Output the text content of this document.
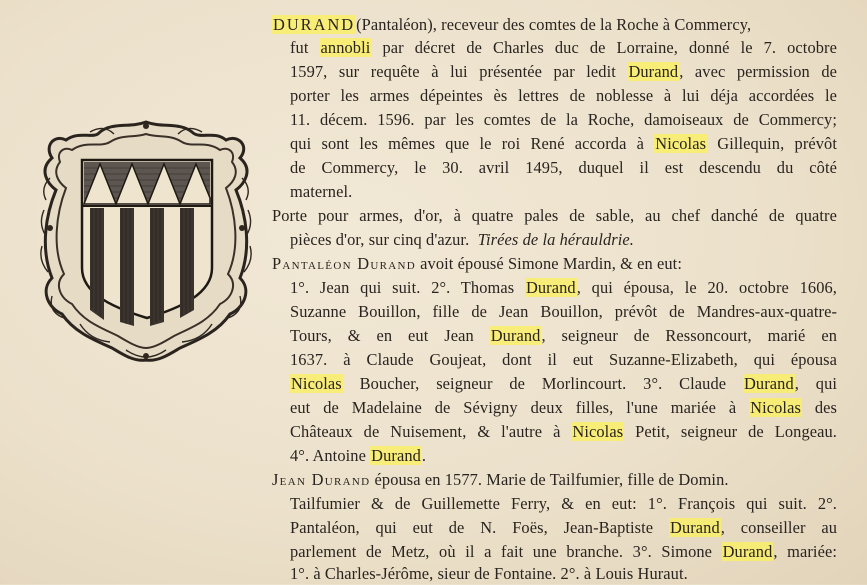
DURAND(Pantaléon), receveur des comtes de la Roche à Commercy,
fut annobli par décret de Charles duc de Lorraine, donné le 7. octobre
1597, sur requête à lui présentée par ledit Durand, avec permission de
porter les armes dépeintes ès lettres de noblesse à lui déja accordées le
11. décem. 1596. par les comtes de la Roche, damoiseaux de Commercy;
qui sont les mêmes que le roi René accorda à Nicolas Gillequin, prévôt
de Commercy, le 30. avril 1495, duquel il est descendu du côté
maternel.
Porte pour armes, d'or, à quatre pales de sable, au chef danché de quatre
pièces d'or, sur cinq d'azur. Tirées de la hérauldrie.
Pantaléon Durand avoit épousé Simone Mardin, & en eut:
1°. Jean qui suit. 2°. Thomas Durand, qui épousa, le 20. octobre 1606,
Suzanne Bouillon, fille de Jean Bouillon, prévôt de Mandres-aux-quatre-
Tours, & en eut Jean Durand, seigneur de Ressoncourt, marié en
1637. à Claude Goujeat, dont il eut Suzanne-Elizabeth, qui épousa
Nicolas Boucher, seigneur de Morlincourt. 3°. Claude Durand, qui
eut de Madelaine de Sévigny deux filles, l'une mariée à Nicolas des
Châteaux de Nuisement, & l'autre à Nicolas Petit, seigneur de Longeau.
4°. Antoine Durand.
Jean Durand épousa en 1577. Marie de Tailfumier, fille de Domin.
Tailfumier & de Guillemette Ferry, & en eut: 1°. François qui suit. 2°.
Pantaléon, qui eut de N. Foës, Jean-Baptiste Durand, conseiller au
parlement de Metz, où il a fait une branche. 3°. Simone Durand, mariée:
1°. à Charles-Jérôme, sieur de Fontaine. 2°. à Louis Huraut.
